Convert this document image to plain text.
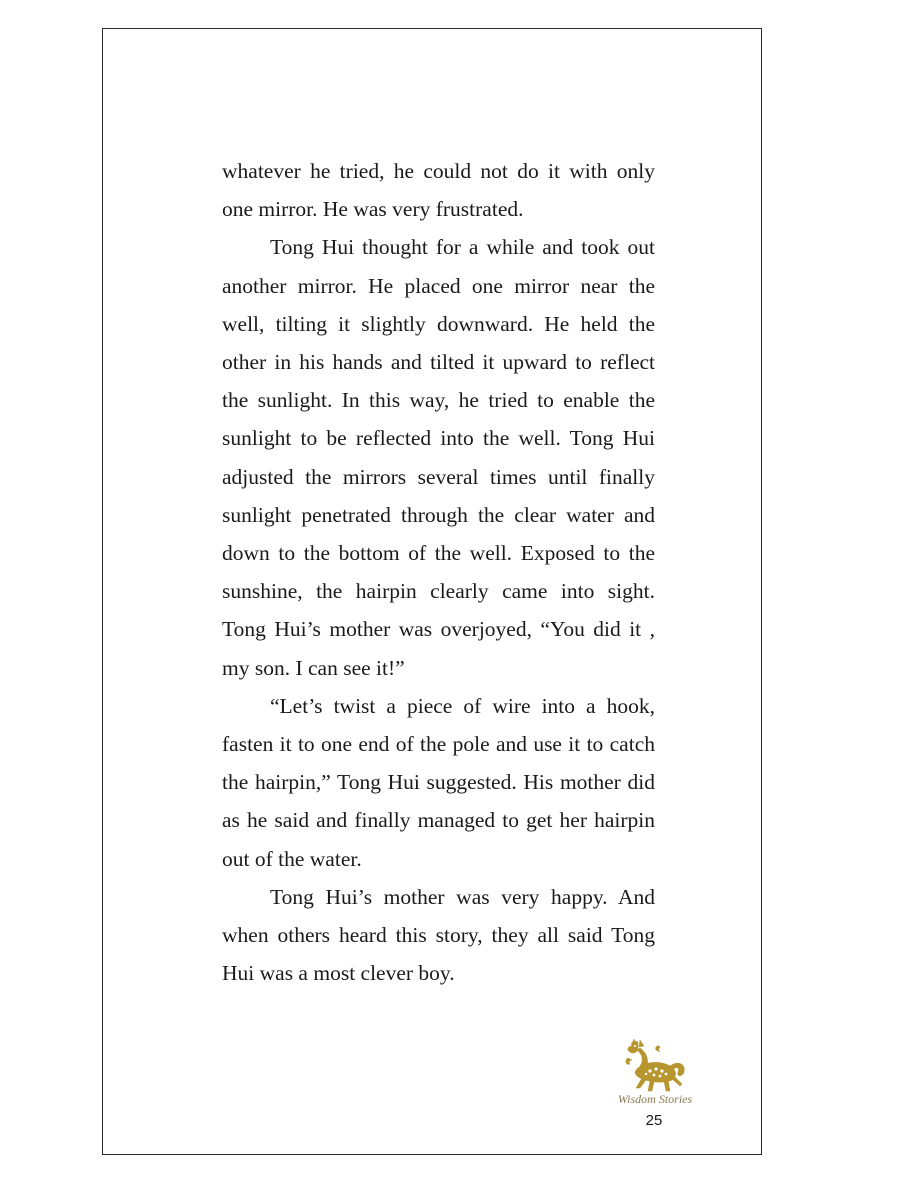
whatever he tried, he could not do it with only one mirror. He was very frustrated.

Tong Hui thought for a while and took out another mirror. He placed one mirror near the well, tilting it slightly downward. He held the other in his hands and tilted it upward to reflect the sunlight. In this way, he tried to enable the sunlight to be reflected into the well. Tong Hui adjusted the mirrors several times until finally sunlight penetrated through the clear water and down to the bottom of the well. Exposed to the sunshine, the hairpin clearly came into sight. Tong Hui’s mother was overjoyed, “You did it , my son. I can see it!”

“Let’s twist a piece of wire into a hook, fasten it to one end of the pole and use it to catch the hairpin,” Tong Hui suggested. His mother did as he said and finally managed to get her hairpin out of the water.

Tong Hui’s mother was very happy. And when others heard this story, they all said Tong Hui was a most clever boy.

Wisdom Stories
25
